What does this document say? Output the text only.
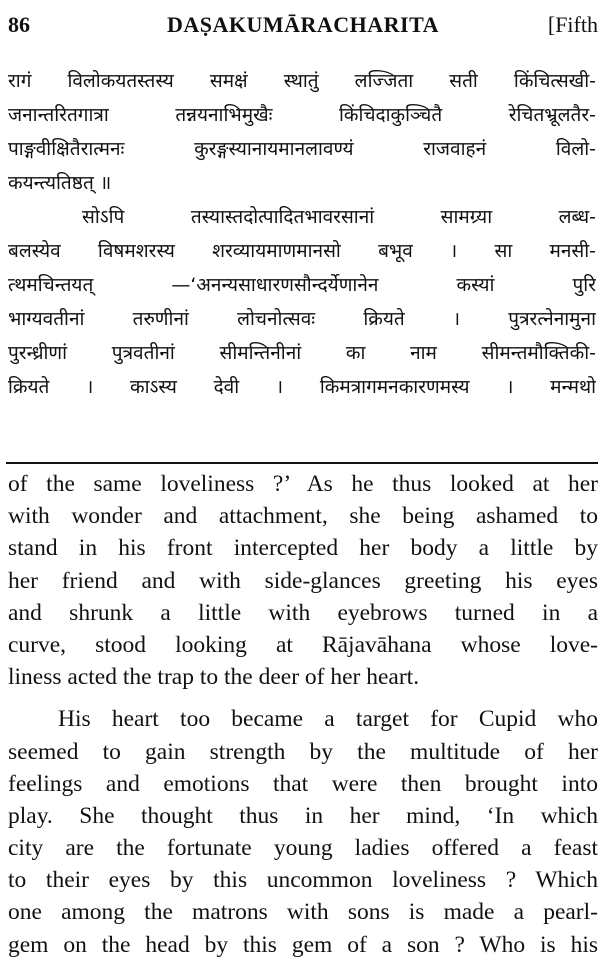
86	DAṢAKUMĀRACHARITA	[Fifth
रागं विलोकयतस्तस्य समक्षं स्थातुं लज्जिता सती किंचित्सखी-
जनान्तरितगात्रा तन्नयनाभिमुखैः किंचिदाकुञ्चितै रेचितभ्रूलतैर-
पाङ्गवीक्षितैरात्मनः कुरङ्गस्यानायमानलावण्यं राजवाहनं विलो-
कयन्त्यतिष्ठत् ॥
सोऽपि तस्यास्तदोत्पादितभावरसानां सामग्र्या लब्ध-
बलस्येव विषमशरस्य शरव्यायमाणमानसो बभूव । सा मनसी-
त्थमचिन्तयत् —‘अनन्यसाधारणसौन्दर्येणानेन कस्यां पुरि
भाग्यवतीनां तरुणीनां लोचनोत्सवः क्रियते । पुत्ररत्नेनामुना
पुरन्ध्रीणां पुत्रवतीनां सीमन्तिनीनां का नाम सीमन्तमौक्तिकी-
क्रियते । काऽस्य देवी । किमत्रागमनकारणमस्य । मन्मथो
of the same loveliness ?’ As he thus looked at her
with wonder and attachment, she being ashamed to
stand in his front intercepted her body a little by
her friend and with side-glances greeting his eyes
and shrunk a little with eyebrows turned in a
curve, stood looking at Rājavāhana whose love-
liness acted the trap to the deer of her heart.
His heart too became a target for Cupid who
seemed to gain strength by the multitude of her
feelings and emotions that were then brought into
play. She thought thus in her mind, ‘In which
city are the fortunate young ladies offered a feast
to their eyes by this uncommon loveliness ? Which
one among the matrons with sons is made a pearl-
gem on the head by this gem of a son ? Who is his
